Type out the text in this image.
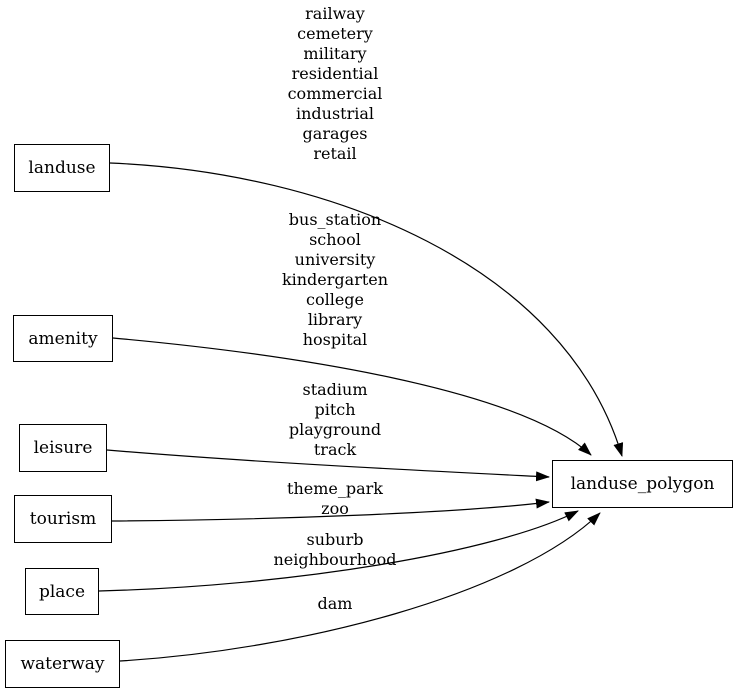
landuse
amenity
leisure
tourism
place
waterway
landuse_polygon
railway
cemetery
military
residential
commercial
industrial
garages
retail
bus_station
school
university
kindergarten
college
library
hospital
stadium
pitch
playground
track
theme_park
zoo
suburb
neighbourhood
dam
